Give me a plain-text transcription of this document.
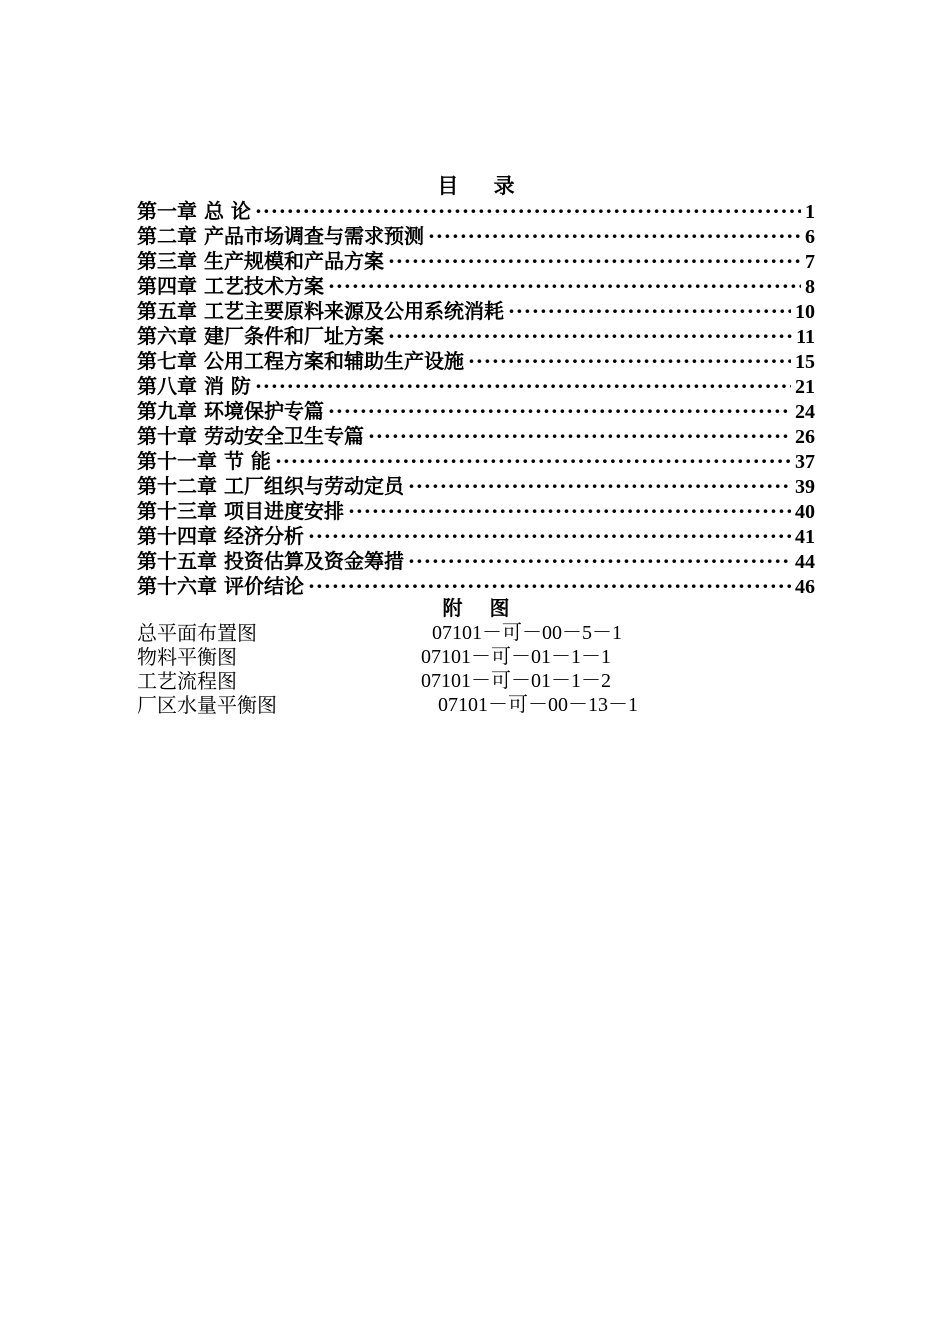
目 录
第一章 总 论 ·····	1
第二章 产品市场调查与需求预测 ·····	6
第三章 生产规模和产品方案 ·····	7
第四章 工艺技术方案 ·····	8
第五章 工艺主要原料来源及公用系统消耗 ·····	10
第六章 建厂条件和厂址方案 ·····	11
第七章 公用工程方案和辅助生产设施 ·····	15
第八章 消 防 ·····	21
第九章 环境保护专篇 ·····	24
第十章 劳动安全卫生专篇 ·····	26
第十一章 节 能 ·····	37
第十二章 工厂组织与劳动定员 ·····	39
第十三章 项目进度安排 ·····	40
第十四章 经济分析 ·····	41
第十五章 投资估算及资金筹措 ·····	44
第十六章 评价结论 ·····	46
附 图
总平面布置图	07101－可－00－5－1
物料平衡图	07101－可－01－1－1
工艺流程图	07101－可－01－1－2
厂区水量平衡图	07101－可－00－13－1
